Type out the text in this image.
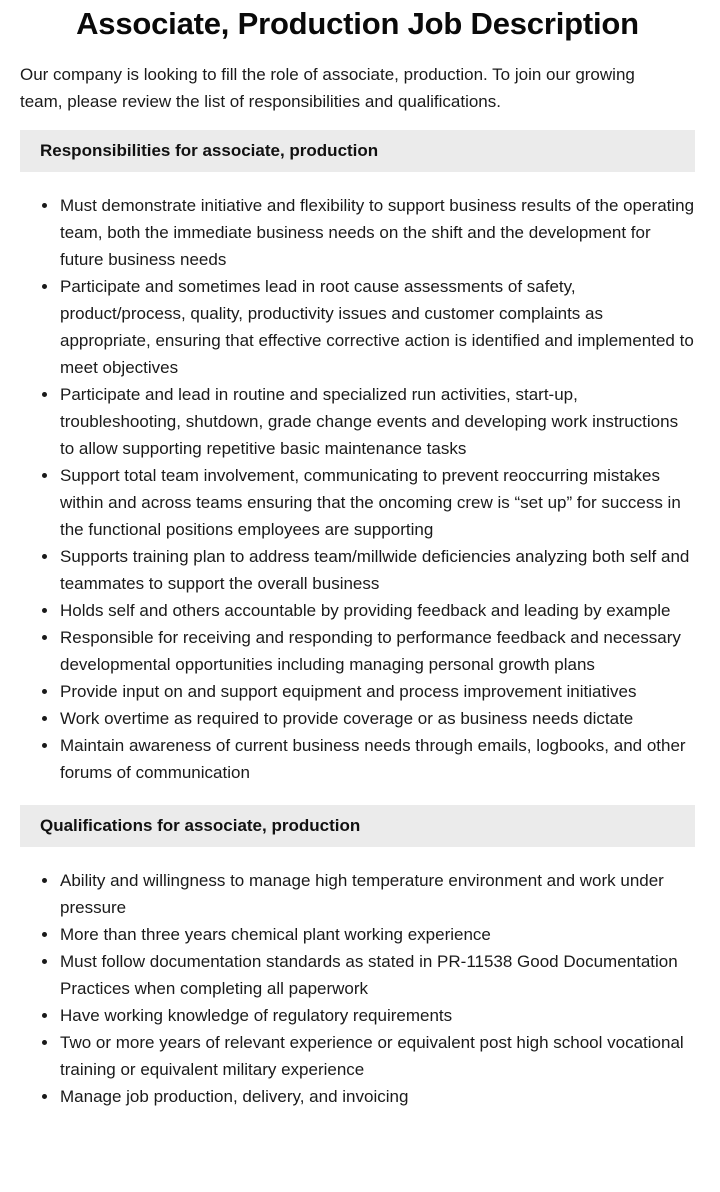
Associate, Production Job Description

Our company is looking to fill the role of associate, production. To join our growing team, please review the list of responsibilities and qualifications.

Responsibilities for associate, production
Must demonstrate initiative and flexibility to support business results of the operating team, both the immediate business needs on the shift and the development for future business needs
Participate and sometimes lead in root cause assessments of safety, product/process, quality, productivity issues and customer complaints as appropriate, ensuring that effective corrective action is identified and implemented to meet objectives
Participate and lead in routine and specialized run activities, start-up, troubleshooting, shutdown, grade change events and developing work instructions to allow supporting repetitive basic maintenance tasks
Support total team involvement, communicating to prevent reoccurring mistakes within and across teams ensuring that the oncoming crew is “set up” for success in the functional positions employees are supporting
Supports training plan to address team/millwide deficiencies analyzing both self and teammates to support the overall business
Holds self and others accountable by providing feedback and leading by example
Responsible for receiving and responding to performance feedback and necessary developmental opportunities including managing personal growth plans
Provide input on and support equipment and process improvement initiatives
Work overtime as required to provide coverage or as business needs dictate
Maintain awareness of current business needs through emails, logbooks, and other forums of communication
Qualifications for associate, production
Ability and willingness to manage high temperature environment and work under pressure
More than three years chemical plant working experience
Must follow documentation standards as stated in PR-11538 Good Documentation Practices when completing all paperwork
Have working knowledge of regulatory requirements
Two or more years of relevant experience or equivalent post high school vocational training or equivalent military experience
Manage job production, delivery, and invoicing
